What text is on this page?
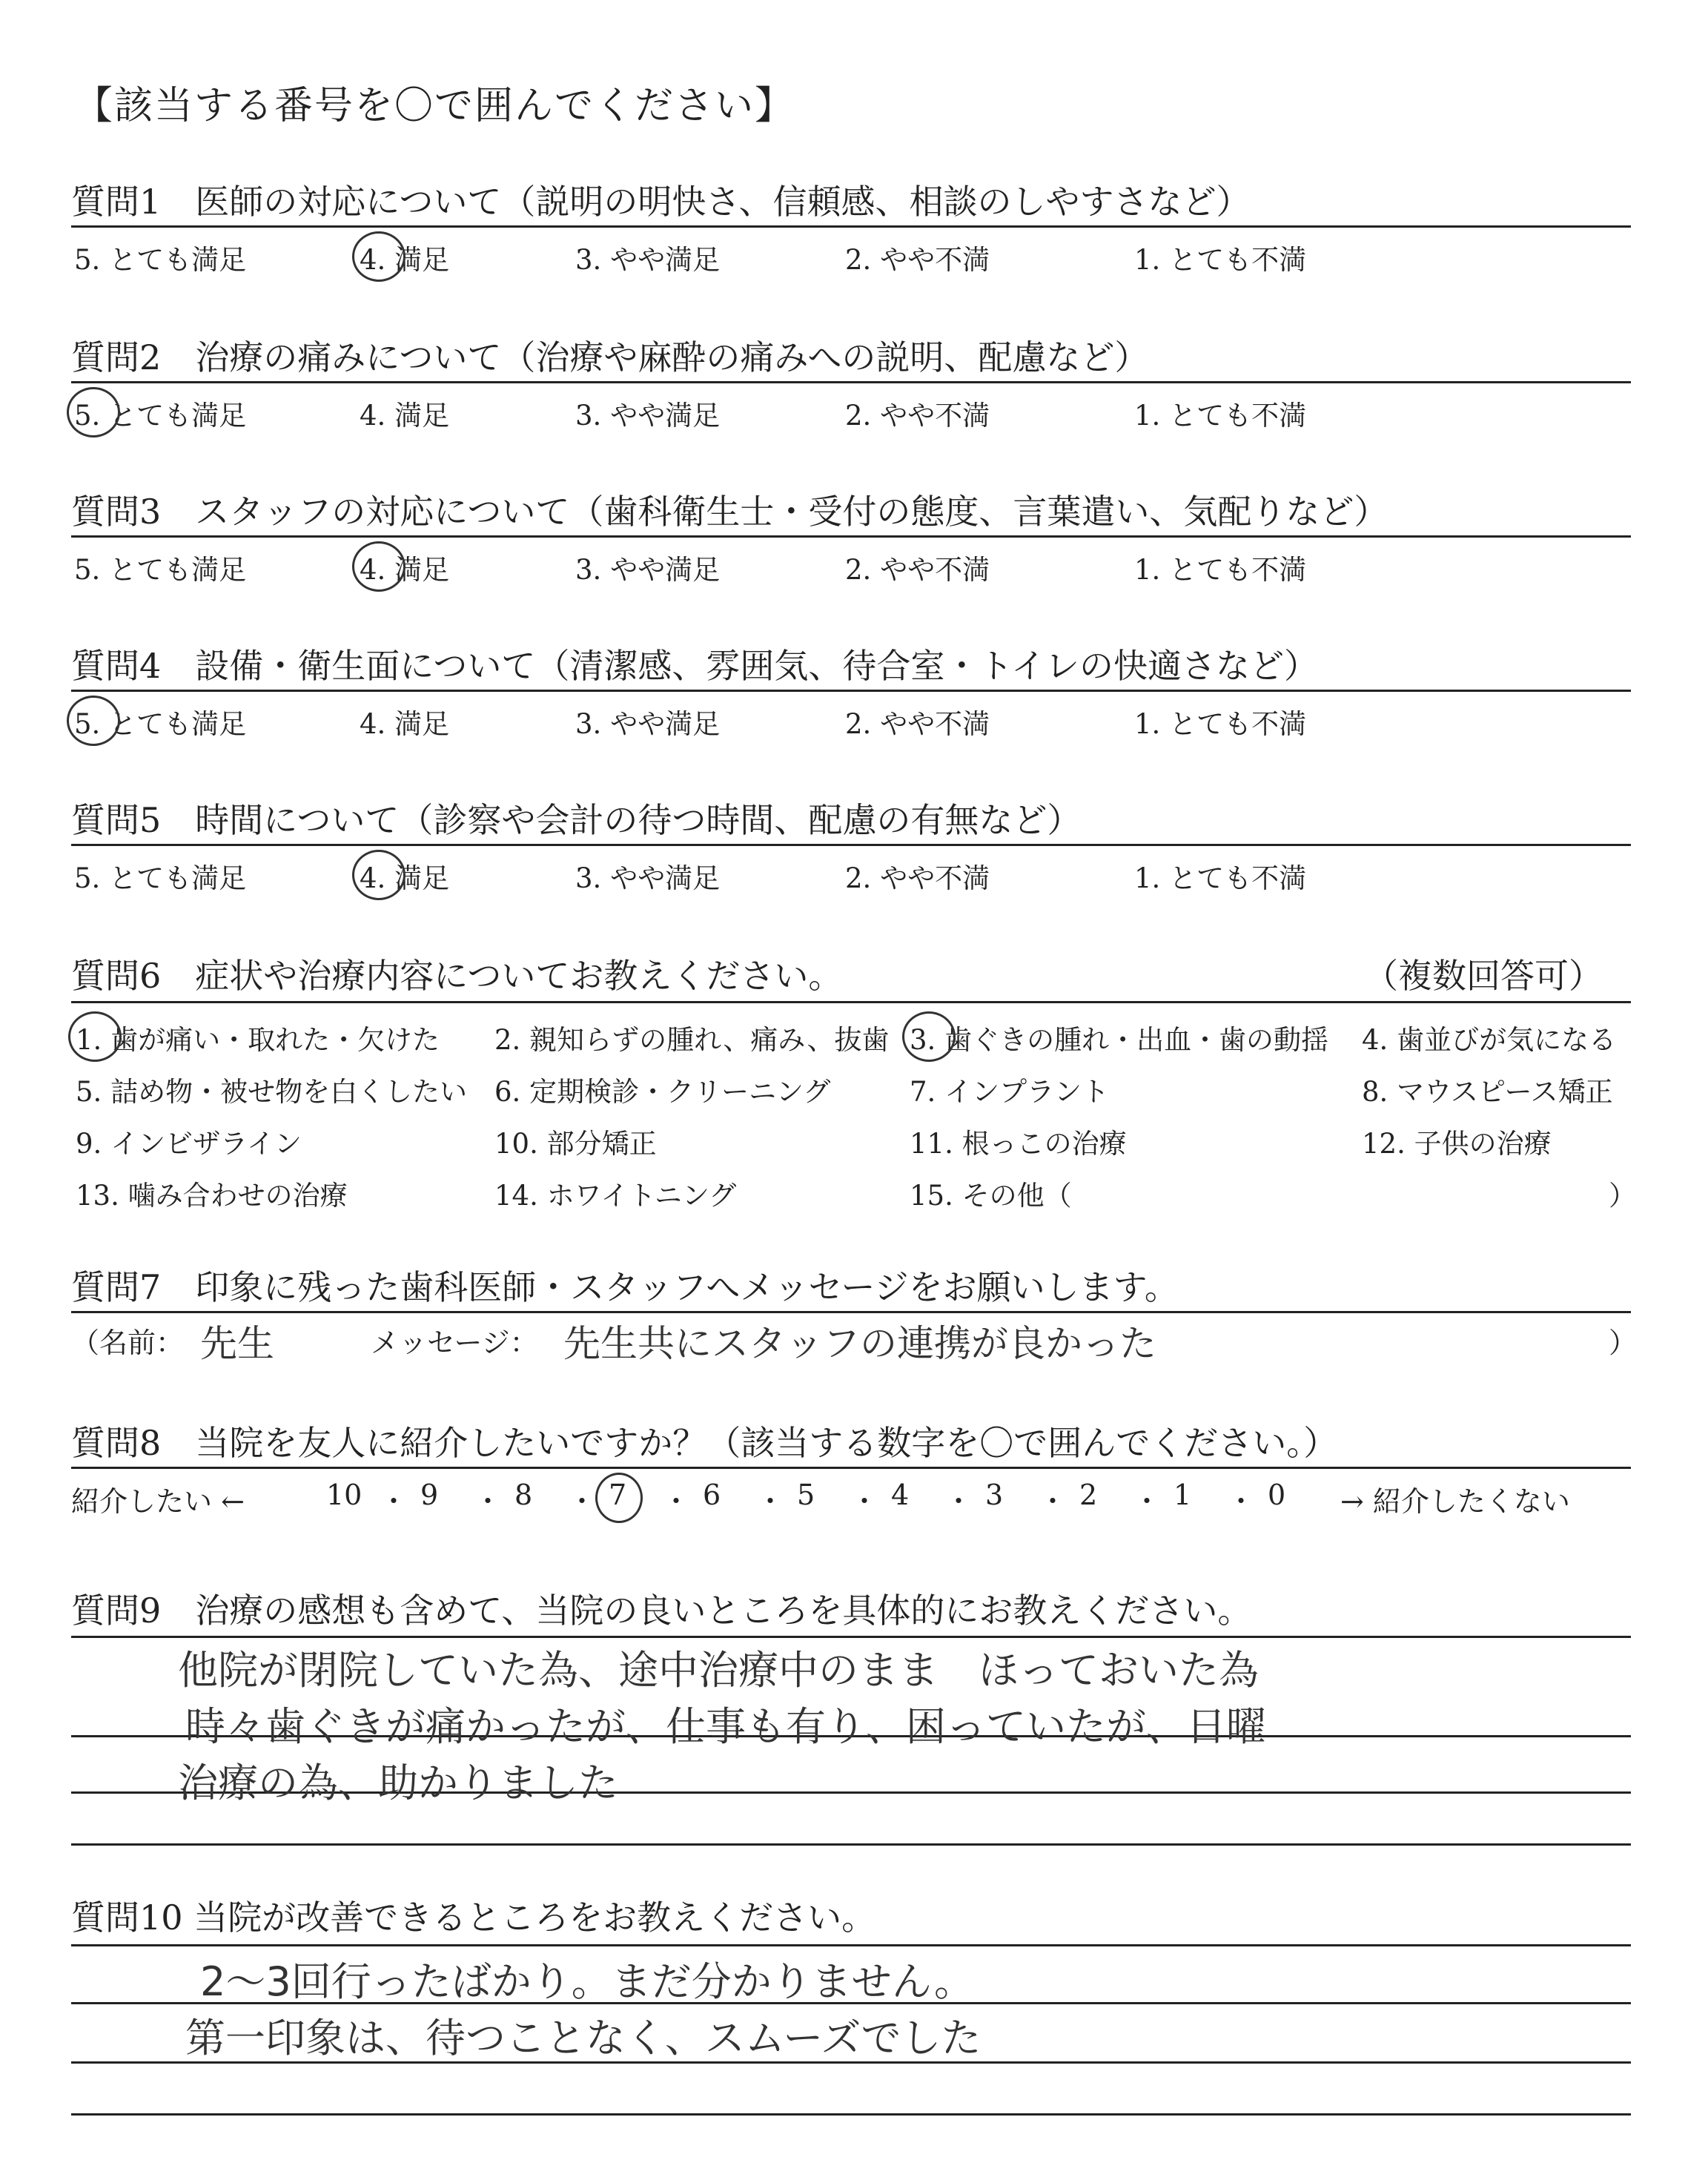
【該当する番号を〇で囲んでください】
質問1　医師の対応について（説明の明快さ、信頼感、相談のしやすさなど）
5. とても満足	4. 満足	3. やや満足	2. やや不満	1. とても不満
質問2　治療の痛みについて（治療や麻酔の痛みへの説明、配慮など）
5. とても満足	4. 満足	3. やや満足	2. やや不満	1. とても不満
質問3　スタッフの対応について（歯科衛生士・受付の態度、言葉遣い、気配りなど）
5. とても満足	4. 満足	3. やや満足	2. やや不満	1. とても不満
質問4　設備・衛生面について（清潔感、雰囲気、待合室・トイレの快適さなど）
5. とても満足	4. 満足	3. やや満足	2. やや不満	1. とても不満
質問5　時間について（診察や会計の待つ時間、配慮の有無など）
5. とても満足	4. 満足	3. やや満足	2. やや不満	1. とても不満
質問6　症状や治療内容についてお教えください。	（複数回答可）
1. 歯が痛い・取れた・欠けた 2. 親知らずの腫れ、痛み、抜歯 3. 歯ぐきの腫れ・出血・歯の動揺 4. 歯並びが気になる
5. 詰め物・被せ物を白くしたい 6. 定期検診・クリーニング	7. インプラント	8. マウスピース矯正
9. インビザライン	10. 部分矯正	11. 根っこの治療	12. 子供の治療
13. 噛み合わせの治療	14. ホワイトニング	15. その他（	）
質問7　印象に残った歯科医師・スタッフへメッセージをお願いします。
（名前： 先生	メッセージ： 先生共にスタッフの連携が良かった	）
質問8　当院を友人に紹介したいですか？（該当する数字を〇で囲んでください。）
紹介したい ←	10 ・ 9 ・ 8 ・ 7 ・ 6 ・ 5 ・ 4 ・ 3 ・ 2 ・ 1 ・ 0 → 紹介したくない
質問9　治療の感想も含めて、当院の良いところを具体的にお教えください。
他院が閉院していた為、途中治療中のまま　ほっておいた為
時々歯ぐきが痛かったが、仕事も有り、困っていたが、日曜
治療の為、助かりました
質問10 当院が改善できるところをお教えください。
2～3回行ったばかり。まだ分かりません。
第一印象は、待つことなく、スムーズでした
